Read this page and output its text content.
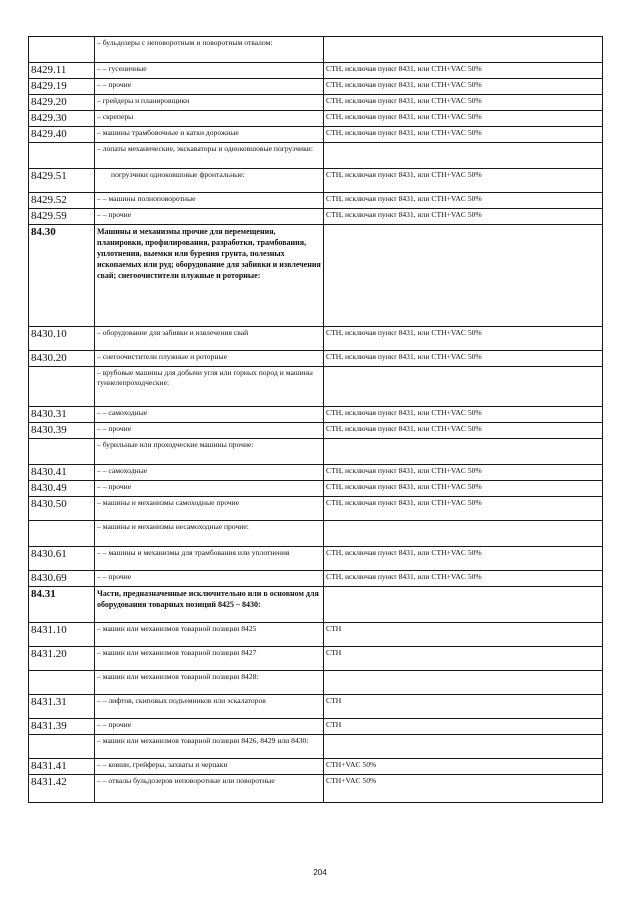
	– бульдозеры с неповоротным и поворотным отвалом:	
8429.11	– – гусеничные	CTH, исключая пункт 8431, или CTH+VAC 50%
8429.19	– – прочие	CTH, исключая пункт 8431, или CTH+VAC 50%
8429.20	– грейдеры и планировщики	CTH, исключая пункт 8431, или CTH+VAC 50%
8429.30	– скреперы	CTH, исключая пункт 8431, или CTH+VAC 50%
8429.40	– машины трамбовочные и катки дорожные	CTH, исключая пункт 8431, или CTH+VAC 50%
	– лопаты механические, экскаваторы и одноковшовые погрузчики:	
8429.51	погрузчики одноковшовые фронтальные:	CTH, исключая пункт 8431, или CTH+VAC 50%
8429.52	– – машины полноповоротные	CTH, исключая пункт 8431, или CTH+VAC 50%
8429.59	– – прочие	CTH, исключая пункт 8431, или CTH+VAC 50%
84.30	Машины и механизмы прочие для перемещения, планировки, профилирования, разработки, трамбования, уплотнения, выемки или бурения грунта, полезных ископаемых или руд; оборудование для забивки и извлечения свай; снегоочистители плужные и роторные:	
8430.10	– оборудование для забивки и извлечения свай	CTH, исключая пункт 8431, или CTH+VAC 50%
8430.20	– снегоочистители плужные и роторные	CTH, исключая пункт 8431, или CTH+VAC 50%
	– врубовые машины для добычи угля или горных пород и машины туннелепроходческие:	
8430.31	– – самоходные	CTH, исключая пункт 8431, или CTH+VAC 50%
8430.39	– – прочие	CTH, исключая пункт 8431, или CTH+VAC 50%
	– бурильные или проходческие машины прочие:	
8430.41	– – самоходные	CTH, исключая пункт 8431, или CTH+VAC 50%
8430.49	– – прочие	CTH, исключая пункт 8431, или CTH+VAC 50%
8430.50	– машины и механизмы самоходные прочие	CTH, исключая пункт 8431, или CTH+VAC 50%
	– машины и механизмы несамоходные прочие:	
8430.61	– – машины и механизмы для трамбования или уплотнения	CTH, исключая пункт 8431, или CTH+VAC 50%
8430.69	– – прочие	CTH, исключая пункт 8431, или CTH+VAC 50%
84.31	Части, предназначенные исключительно или в основном для оборудования товарных позиций 8425 – 8430:	
8431.10	– машин или механизмов товарной позиции 8425	CTH
8431.20	– машин или механизмов товарной позиции 8427	CTH
	– машин или механизмов товарной позиции 8428:	
8431.31	– – лифтов, скиповых подъемников или эскалаторов	CTH
8431.39	– – прочие	CTH
	– машин или механизмов товарной позиции 8426, 8429 или 8430:	
8431.41	– – ковши, грейферы, захваты и черпаки	CTH+VAC 50%
8431.42	– – отвалы бульдозеров неповоротные или поворотные	CTH+VAC 50%
204
